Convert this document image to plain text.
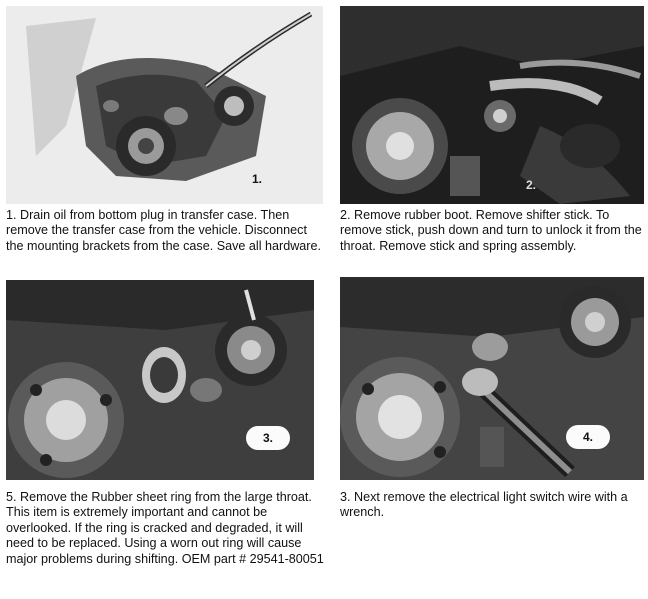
1.

1. Drain oil from bottom plug in transfer case. Then remove the transfer case from the vehicle. Disconnect the mounting brackets from the case. Save all hardware.

2.

2. Remove rubber boot. Remove shifter stick. To remove stick, push down and turn to unlock it from the throat. Remove stick and spring assembly.

3.

5. Remove the Rubber sheet ring from the large throat. This item is extremely important and cannot be overlooked. If the ring is cracked and degraded, it will need to be replaced. Using a worn out ring will cause major problems during shifting. OEM part # 29541-80051

4.

3. Next remove the electrical light switch wire with a wrench.
